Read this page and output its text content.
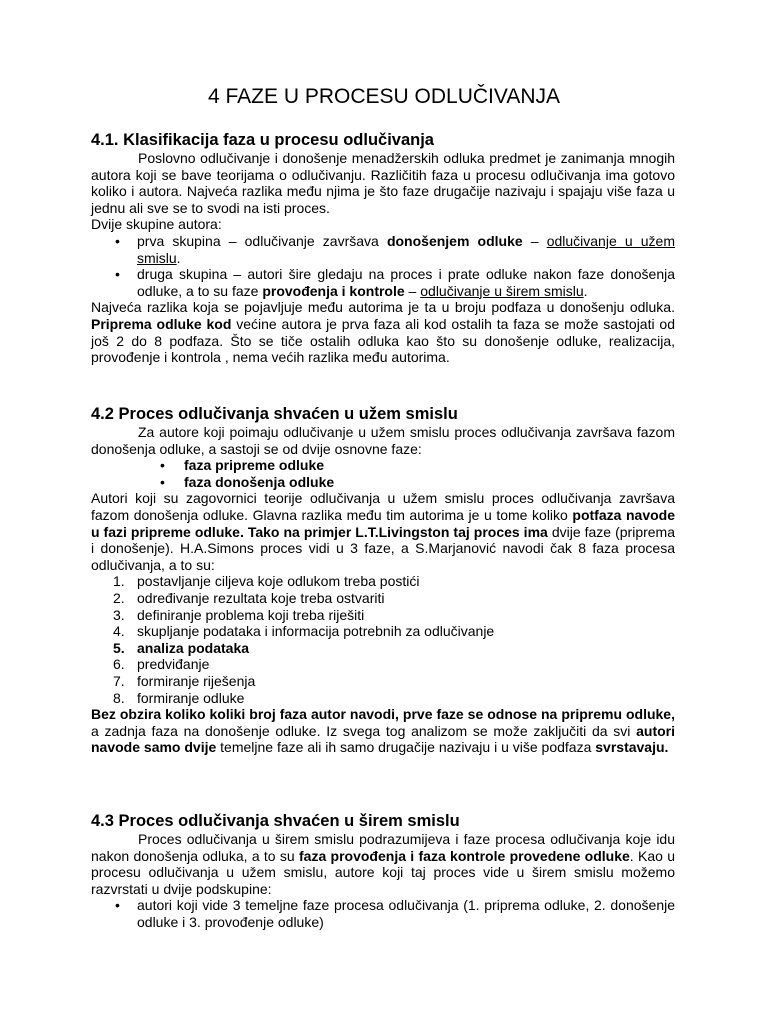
4 FAZE U PROCESU ODLUČIVANJA
4.1. Klasifikacija faza u procesu odlučivanja
Poslovno odlučivanje i donošenje menadžerskih odluka predmet je zanimanja mnogih autora koji se bave teorijama o odlučivanju. Različitih faza u procesu odlučivanja ima gotovo koliko i autora. Najveća razlika među njima je što faze drugačije nazivaju i spajaju više faza u jednu ali sve se to svodi na isti proces.
Dvije skupine autora:
• prva skupina – odlučivanje završava donošenjem odluke – odlučivanje u užem smislu.
• druga skupina – autori šire gledaju na proces i prate odluke nakon faze donošenja odluke, a to su faze provođenja i kontrole – odlučivanje u širem smislu.
Najveća razlika koja se pojavljuje među autorima je ta u broju podfaza u donošenju odluka. Priprema odluke kod većine autora je prva faza ali kod ostalih ta faza se može sastojati od još 2 do 8 podfaza. Što se tiče ostalih odluka kao što su donošenje odluke, realizacija, provođenje i kontrola , nema većih razlika među autorima.
4.2 Proces odlučivanja shvaćen u užem smislu
Za autore koji poimaju odlučivanje u užem smislu proces odlučivanja završava fazom donošenja odluke, a sastoji se od dvije osnovne faze:
• faza pripreme odluke
• faza donošenja odluke
Autori koji su zagovornici teorije odlučivanja u užem smislu proces odlučivanja završava fazom donošenja odluke. Glavna razlika među tim autorima je u tome koliko potfaza navode u fazi pripreme odluke. Tako na primjer L.T.Livingston taj proces ima dvije faze (priprema i donošenje). H.A.Simons proces vidi u 3 faze, a S.Marjanović navodi čak 8 faza procesa odlučivanja, a to su:
1. postavljanje ciljeva koje odlukom treba postići
2. određivanje rezultata koje treba ostvariti
3. definiranje problema koji treba riješiti
4. skupljanje podataka i informacija potrebnih za odlučivanje
5. analiza podataka
6. predviđanje
7. formiranje riješenja
8. formiranje odluke
Bez obzira koliko koliki broj faza autor navodi, prve faze se odnose na pripremu odluke, a zadnja faza na donošenje odluke. Iz svega tog analizom se može zaključiti da svi autori navode samo dvije temeljne faze ali ih samo drugačije nazivaju i u više podfaza svrstavaju.
4.3 Proces odlučivanja shvaćen u širem smislu
Proces odlučivanja u širem smislu podrazumijeva i faze procesa odlučivanja koje idu nakon donošenja odluka, a to su faza provođenja i faza kontrole provedene odluke. Kao u procesu odlučivanja u užem smislu, autore koji taj proces vide u širem smislu možemo razvrstati u dvije podskupine:
• autori koji vide 3 temeljne faze procesa odlučivanja (1. priprema odluke, 2. donošenje odluke i 3. provođenje odluke)
